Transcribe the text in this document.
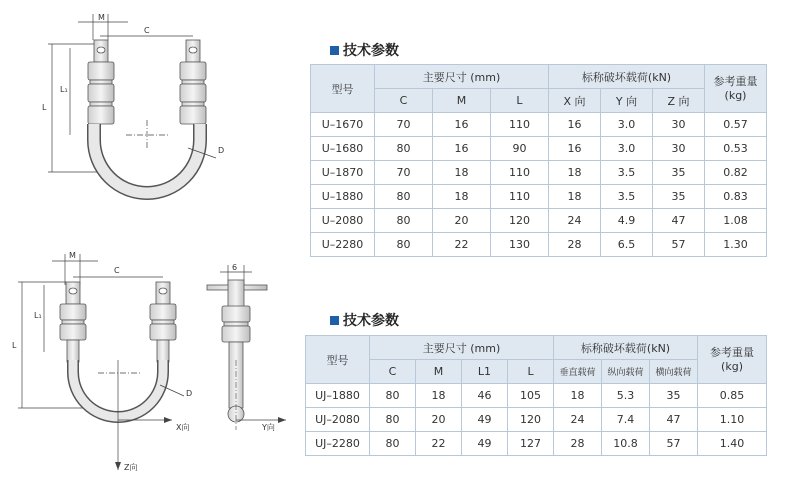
M
C
L
L₁
D
M
C
L
L₁
X向
Z向
D
6
Y向
技术参数
型号	主要尺寸 (mm)			标称破坏载荷(kN)			参考重量 (kg)
	C	M	L	X 向	Y 向	Z 向	
U–1670	70	16	110	16	3.0	30	0.57
U–1680	80	16	90	16	3.0	30	0.53
U–1870	70	18	110	18	3.5	35	0.82
U–1880	80	18	110	18	3.5	35	0.83
U–2080	80	20	120	24	4.9	47	1.08
U–2280	80	22	130	28	6.5	57	1.30
技术参数
型号	主要尺寸 (mm)				标称破坏载荷(kN)			参考重量 (kg)
	C	M	L1	L	垂直载荷	纵向载荷	横向载荷	
UJ–1880	80	18	46	105	18	5.3	35	0.85
UJ–2080	80	20	49	120	24	7.4	47	1.10
UJ–2280	80	22	49	127	28	10.8	57	1.40
